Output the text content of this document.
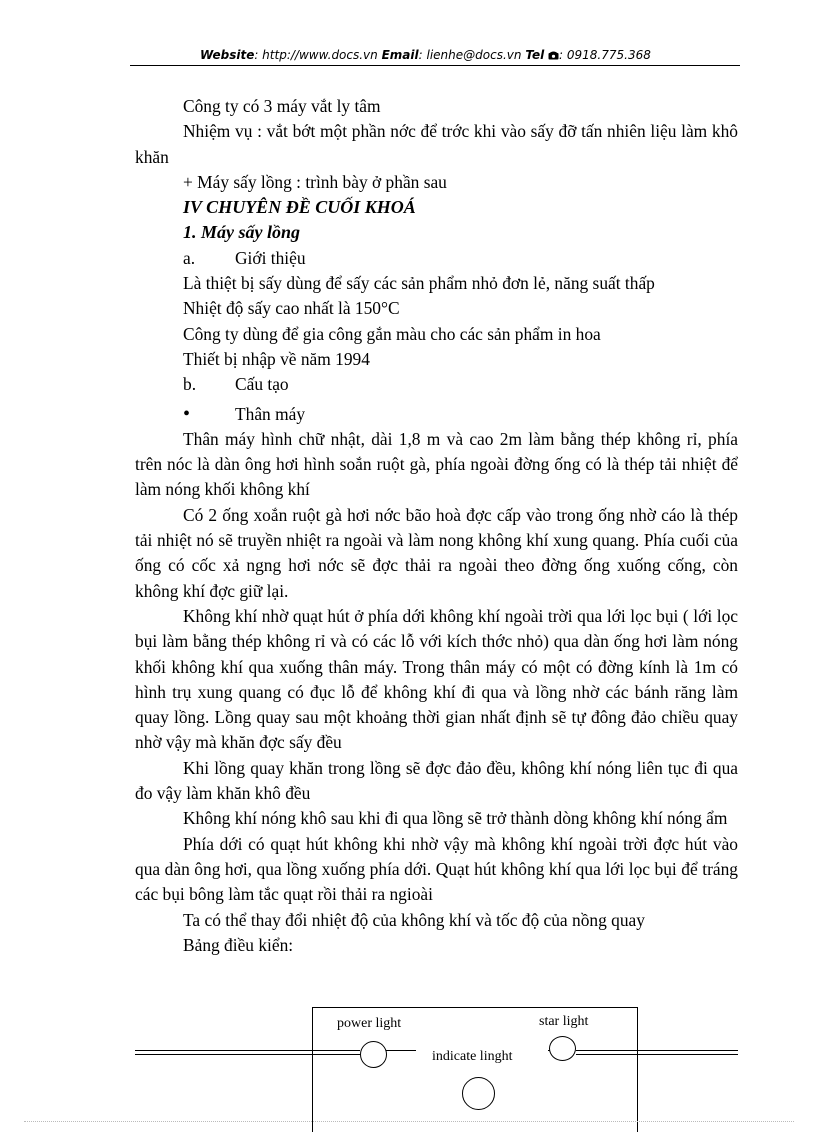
Website: http://www.docs.vn Email: lienhe@docs.vn Tel : 0918.775.368

Công ty có 3 máy vắt ly tâm

Nhiệm vụ : vắt bớt một phần nớc để trớc khi vào sấy đỡ tấn nhiên liệu làm khô khăn

+ Máy sấy lồng : trình bày ở phần sau

IV CHUYÊN ĐỀ CUỐI KHOÁ

1. Máy sấy lồng

a. Giới thiệu

Là thiệt bị sấy dùng để sấy các sản phẩm nhỏ đơn lẻ, năng suất thấp

Nhiệt độ sấy cao nhất là 150°C

Công ty dùng để gia công gắn màu cho các sản phẩm in hoa

Thiết bị nhập về năm 1994

b. Cấu tạo

•	Thân máy

Thân máy hình chữ nhật, dài 1,8 m và cao 2m làm bằng thép không rỉ, phía trên nóc là dàn ông hơi hình soắn ruột gà, phía ngoài đờng ống có là thép tải nhiệt để làm nóng khối không khí

Có 2 ống xoắn ruột gà hơi nớc bão hoà đợc cấp vào trong ống nhờ cáo là thép tải nhiệt nó sẽ truyền nhiệt ra ngoài và làm nong không khí xung quang. Phía cuối của ống có cốc xả ngng hơi nớc sẽ đợc thải ra ngoài theo đờng ống xuống cống, còn không khí đợc giữ lại.

Không khí nhờ quạt hút ở phía dới không khí ngoài trời qua lới lọc bụi ( lới lọc bụi làm bằng thép không rỉ và có các lỗ với kích thớc nhỏ) qua dàn ống hơi làm nóng khối không khí qua xuống thân máy. Trong thân máy có một có đờng kính là 1m có hình trụ xung quang có đục lỗ để không khí đi qua và lồng nhờ các bánh răng làm quay lồng. Lồng quay sau một khoảng thời gian nhất định sẽ tự đông đảo chiều quay nhờ vậy mà khăn đợc sấy đều

Khi lồng quay khăn trong lồng sẽ đợc đảo đều, không khí nóng liên tục đi qua đo vậy làm khăn khô đều

Không khí nóng khô sau khi đi qua lồng sẽ trở thành dòng không khí nóng ẩm

Phía dới có quạt hút không khi nhờ vậy mà không khí ngoài trời đợc hút vào qua dàn ông hơi, qua lồng xuống phía dới. Quạt hút không khí qua lới lọc bụi để tráng các bụi bông làm tắc quạt rồi thải ra ngioài

Ta có thể thay đổi nhiệt độ của không khí và tốc độ của nồng quay

Bảng điều kiển:

power light	star light
indicate linght
